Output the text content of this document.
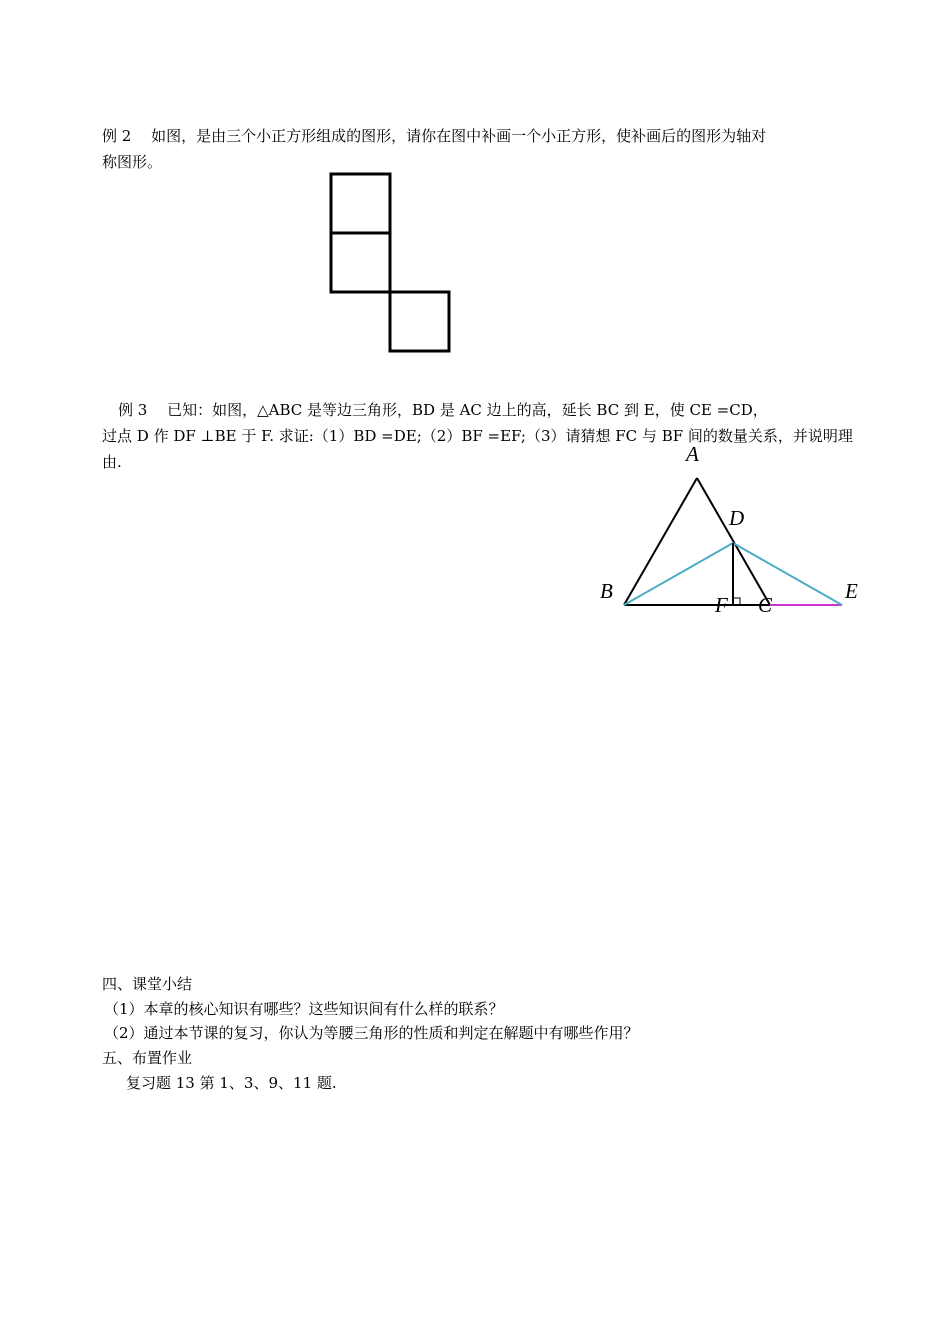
例 2　 如图，是由三个小正方形组成的图形，请你在图中补画一个小正方形，使补画后的图形为轴对
称图形。
例 3　 已知：如图，△ABC 是等边三角形，BD 是 AC 边上的高，延长 BC 到 E，使 CE =CD，
过点 D 作 DF ⊥BE 于 F. 求证:（1）BD =DE;（2）BF =EF;（3）请猜想 FC 与 BF 间的数量关系，并说明理
由.	A
D
B	E
F C
四、课堂小结
（1）本章的核心知识有哪些？这些知识间有什么样的联系？
（2）通过本节课的复习，你认为等腰三角形的性质和判定在解题中有哪些作用？
五、布置作业
复习题 13 第 1、3、9、11 题.
